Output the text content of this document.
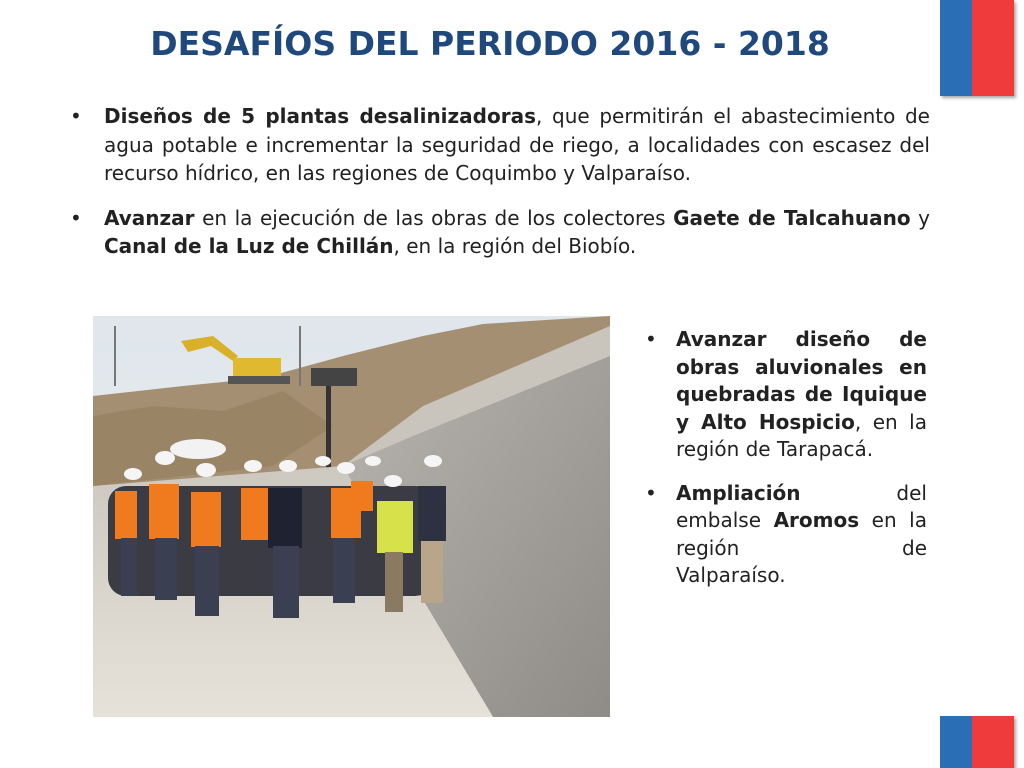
DESAFÍOS DEL PERIODO 2016 - 2018
• Diseños de 5 plantas desalinizadoras, que permitirán el abastecimiento de agua potable e incrementar la seguridad de riego, a localidades con escasez del recurso hídrico, en las regiones de Coquimbo y Valparaíso.
• Avanzar en la ejecución de las obras de los colectores Gaete de Talcahuano y Canal de la Luz de Chillán, en la región del Biobío.
• Avanzar diseño de obras aluvionales en quebradas de Iquique y Alto Hospicio, en la
región de Tarapacá.
• Ampliación del embalse Aromos en la región de
Valparaíso.
